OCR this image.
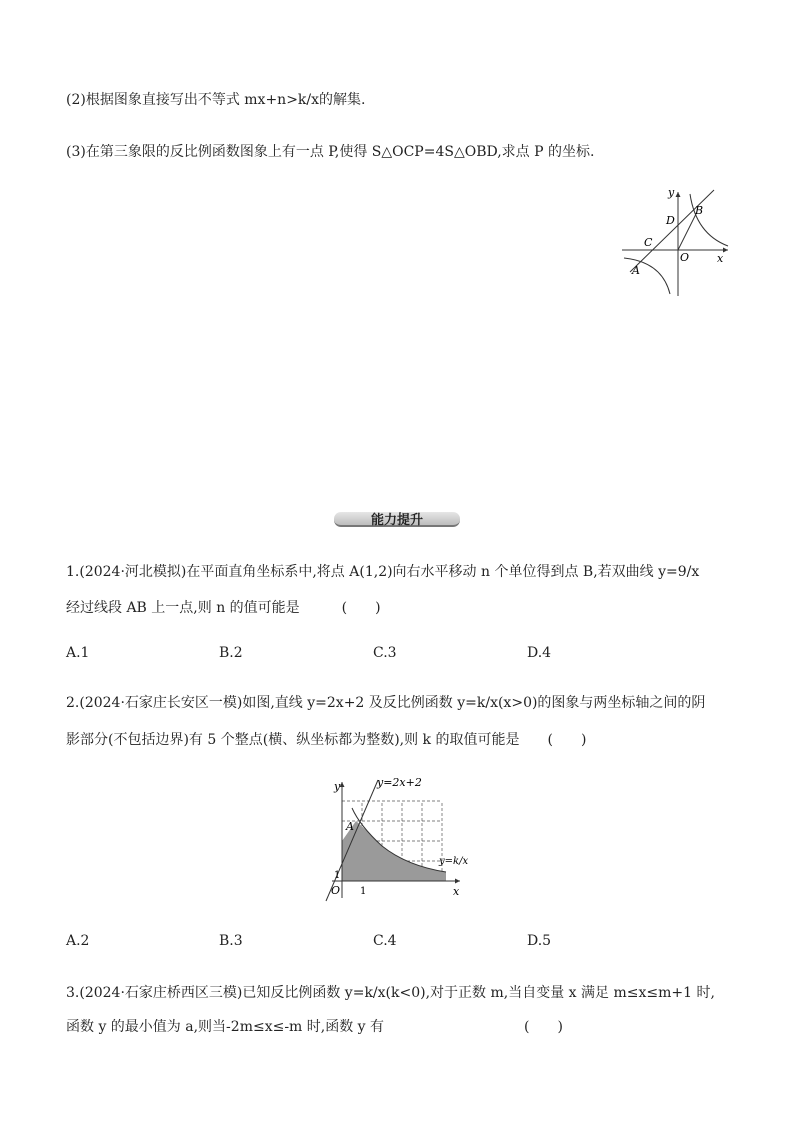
(2)根据图象直接写出不等式 mx+n>k/x的解集.
(3)在第三象限的反比例函数图象上有一点 P,使得 S△OCP=4S△OBD,求点 P 的坐标.
y
B
D
C
O	x
A
能力提升
1.(2024·河北模拟)在平面直角坐标系中,将点 A(1,2)向右水平移动 n 个单位得到点 B,若双曲线 y=9/x
经过线段 AB 上一点,则 n 的值可能是　　　(　　)
A.1	B.2	C.3	D.4
2.(2024·石家庄长安区一模)如图,直线 y=2x+2 及反比例函数 y=k/x(x>0)的图象与两坐标轴之间的阴
影部分(不包括边界)有 5 个整点(横、纵坐标都为整数),则 k 的取值可能是　　(　　)
y	y=2x+2
A
y=k/x
1
O 1	x
A.2	B.3	C.4	D.5
3.(2024·石家庄桥西区三模)已知反比例函数 y=k/x(k<0),对于正数 m,当自变量 x 满足 m≤x≤m+1 时,
函数 y 的最小值为 a,则当-2m≤x≤-m 时,函数 y 有　　　　　　　　　　(　　)
